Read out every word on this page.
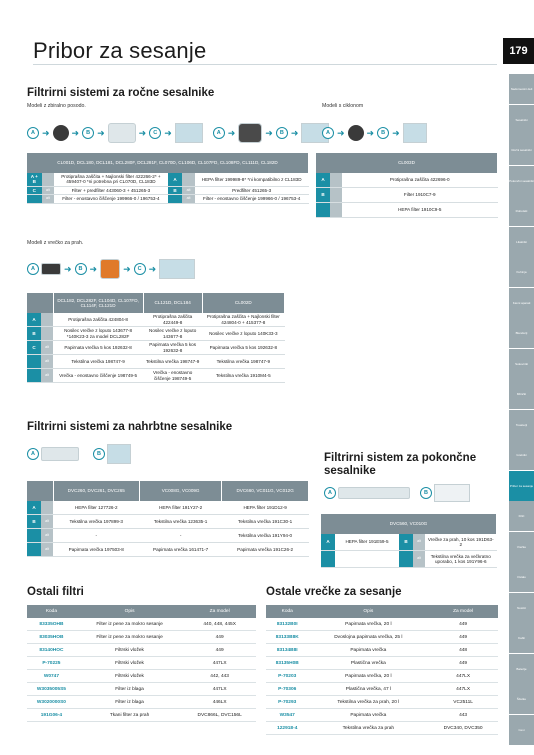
Pribor za sesanje	179
Nadomestni deli
Sesalniki
Ročni sesalniki
Pokončni sesalniki
Robotski
Likalniki
Kuhinja
Kavni aparati
Blenderji
Sokovniki
Mlinčki
Toasterji
Grelniki
Pribor za sesanje
Filtri
Vrečke
Ostalo
Nosilci
Kabli
Baterije
Ščetke
Cevi
Filtrirni sistemi za ročne sesalnike
Modeli z zbiralno posodo.	Modeli s ciklonom
A ➜ ➜	B ➜	➜	C ➜	A ➜	➜	B ➜	A ➜ ➜	B ➜
CL001D, DCL180, DCL181, DCL280F, DCL281F, CL070D, CL106D, CL107FD, CL108FD, CL111D, CL182D					
A + B		Protiprašna zaščita + Najlonski filter 422266-2* + 459407-0 *ni potrebna pri CL070D, CL183D	A		HEPA filter 199989-8* *ni kompatibilno z CL183D
C	alt	Filter + predfilter 443060-3 + 451265-3	B	alt	Predfilter 451265-3
	alt	Filter - enostavno čiščenje 199966-0 / 196753-4		alt	Filter - enostavno čiščenje 199966-0 / 196753-4
CL003D		
A		Protiprašna zaščita 422696-0
B		Filter 1910C7-9
		HEPA filter 1910C9-5
Modeli z vrečko za prah.
A	➜	B ➜	➜	C ➜
		DCL182, DCL282F, CL104D, CL107FD, CL114F, CL121D	CL121D, DCL184	CL002D
A		Protiprašna zaščita 424804-8	Protiprašna zaščita 422449-8	Protiprašna zaščita + Najlonski filter 424804-0 + 415377-8
B		Nosilec vrečke z loputo 143677-8 *140K23-3 za model DCL282F	Nosilec vrečke z loputo 143677-8	Nosilec vrečke z loputo 140K33-3
C	alt	Papirnata vrečka 5 kos 192632-8	Papirnata vrečka 5 kos 192632-8	Papirnata vrečka 5 kos 192632-8
	alt	Tekstilna vrečka 198747-9	Tekstilna vrečka 198747-9	Tekstilna vrečka 198747-9
	alt	Vrečka - enostavno čiščenje 198749-5	Vrečka - enostavno čiščenje 198749-5	Tekstilna vrečka 1910M4-5
Filtrirni sistemi za nahrbtne sesalnike
A	B
		DVC260, DVC261, DVC265	VC008G, VC009G	DVC660, VC011G, VC012G
A		HEPA filter 127726-2	HEPA filter 191Y27-2	HEPA filter 191D12-9
B	alt	Tekstilna vrečka 197899-3	Tekstilna vrečka 123635-1	Tekstilna vrečka 191C30-1
	alt	-	-	Tekstilna vrečka 191Y94-0
	alt	Papirnata vrečka 197503-8	Papirnata vrečka 161471-7	Papirnata vrečka 191C26-2
Filtrirni sistem za pokončne sesalnike
A	B
DVC560, VC010G				
A	HEPA filter 191E59-5	B	alt	Vrečke za prah, 10 kos 191D63-2
			alt	Tekstilna vrečka za večkratno uporabo, 1 kos 191Y96-6
Ostali filtri
Koda	Opis	Za model
83335OHB	Filter iz pene za mokro sesanje	440, 448, 445X
83035HOB	Filter iz pene za mokro sesanje	449
83140HOC	Filtrski vložek	449
P-70225	Filtrski vložek	447LX
W0747	Filtrski vložek	442, 443
W3035005S5	Filter iz blaga	447LX
W3020000S0	Filter iz blaga	446LX
191G06-4	Tkani filter za prah	DVC866L, DVC156L
Ostale vrečke za sesanje
Koda	Opis	Za model
83132B0I	Papirnata vrečka, 20 l	449
83133B8K	Dvoslojna papirnata vrečka, 25 l	449
83134B8I	Papirnata vrečka	448
83135H0B	Plastična vrečka	449
P-70203	Papirnata vrečka, 20 l	447LX
P-70306	Plastična vrečka, 47 l	447LX
P-70293	Tekstilna vrečka za prah, 20 l	VC2511L
W3547	Papirnata vrečka	443
122918-4	Tekstilna vrečka za prah	DVC340, DVC350
